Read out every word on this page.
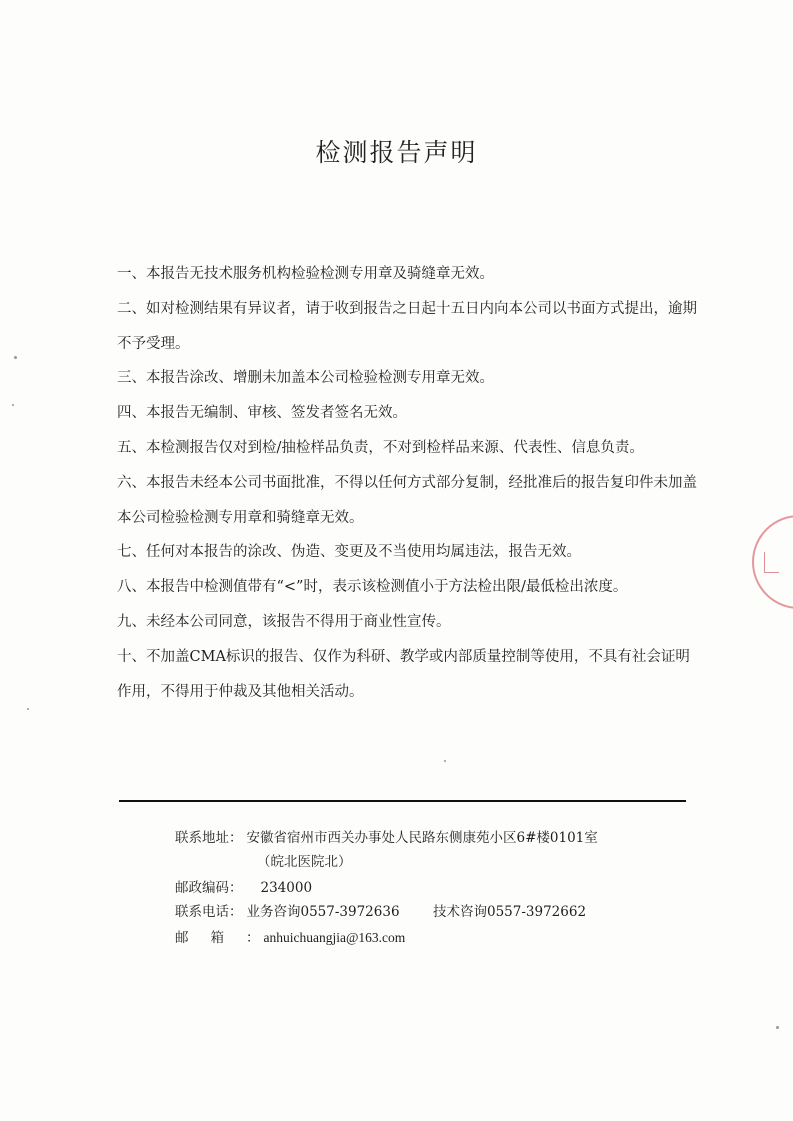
检测报告声明
一、本报告无技术服务机构检验检测专用章及骑缝章无效。
二、如对检测结果有异议者，请于收到报告之日起十五日内向本公司以书面方式提出，逾期不予受理。
三、本报告涂改、增删未加盖本公司检验检测专用章无效。
四、本报告无编制、审核、签发者签名无效。
五、本检测报告仅对到检/抽检样品负责，不对到检样品来源、代表性、信息负责。
六、本报告未经本公司书面批准，不得以任何方式部分复制，经批准后的报告复印件未加盖本公司检验检测专用章和骑缝章无效。
七、任何对本报告的涂改、伪造、变更及不当使用均属违法，报告无效。
八、本报告中检测值带有“<”时，表示该检测值小于方法检出限/最低检出浓度。
九、未经本公司同意，该报告不得用于商业性宣传。
十、不加盖CMA标识的报告、仅作为科研、教学或内部质量控制等使用，不具有社会证明作用，不得用于仲裁及其他相关活动。
联系地址： 安徽省宿州市西关办事处人民路东侧康苑小区6#楼0101室
（皖北医院北）
邮政编码： 234000
联系电话： 业务咨询0557-3972636 技术咨询0557-3972662
邮箱：anhuichuangjia@163.com
